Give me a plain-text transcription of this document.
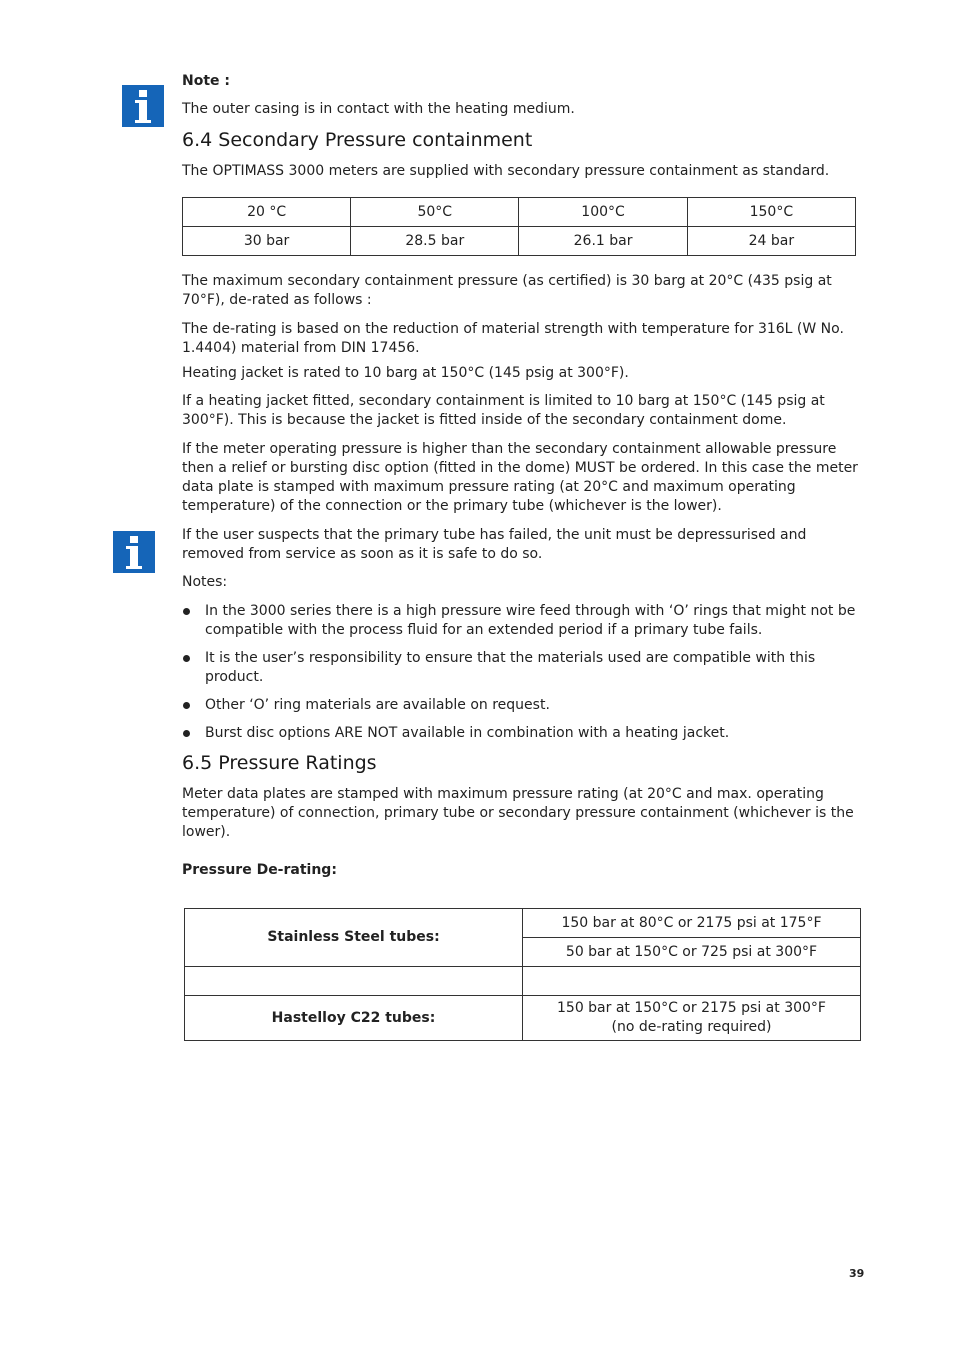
Note :
The outer casing is in contact with the heating medium.
6.4 Secondary Pressure containment
The OPTIMASS 3000 meters are supplied with secondary pressure containment as standard.
20 °C	50°C	100°C	150°C
30 bar	28.5 bar	26.1 bar	24 bar
The maximum secondary containment pressure (as certified) is 30 barg at 20°C (435 psig at 70°F), de-rated as follows :
The de-rating is based on the reduction of material strength with temperature for 316L (W No. 1.4404) material from DIN 17456.
Heating jacket is rated to 10 barg at 150°C (145 psig at 300°F).
If a heating jacket fitted, secondary containment is limited to 10 barg at 150°C (145 psig at 300°F). This is because the jacket is fitted inside of the secondary containment dome.
If the meter operating pressure is higher than the secondary containment allowable pressure then a relief or bursting disc option (fitted in the dome) MUST be ordered. In this case the meter data plate is stamped with maximum pressure rating (at 20°C and maximum operating temperature) of the connection or the primary tube (whichever is the lower).
If the user suspects that the primary tube has failed, the unit must be depressurised and removed from service as soon as it is safe to do so.
Notes:
In the 3000 series there is a high pressure wire feed through with ‘O’ rings that might not be compatible with the process fluid for an extended period if a primary tube fails.
It is the user’s responsibility to ensure that the materials used are compatible with this product.
Other ‘O’ ring materials are available on request.
Burst disc options ARE NOT available in combination with a heating jacket.
6.5 Pressure Ratings
Meter data plates are stamped with maximum pressure rating (at 20°C and max. operating temperature) of connection, primary tube or secondary pressure containment (whichever is the lower).
Pressure De-rating:
Stainless Steel tubes:	150 bar at 80°C or 2175 psi at 175°F
	50 bar at 150°C or 725 psi at 300°F

Hastelloy C22 tubes:	150 bar at 150°C or 2175 psi at 300°F
(no de-rating required)
39
